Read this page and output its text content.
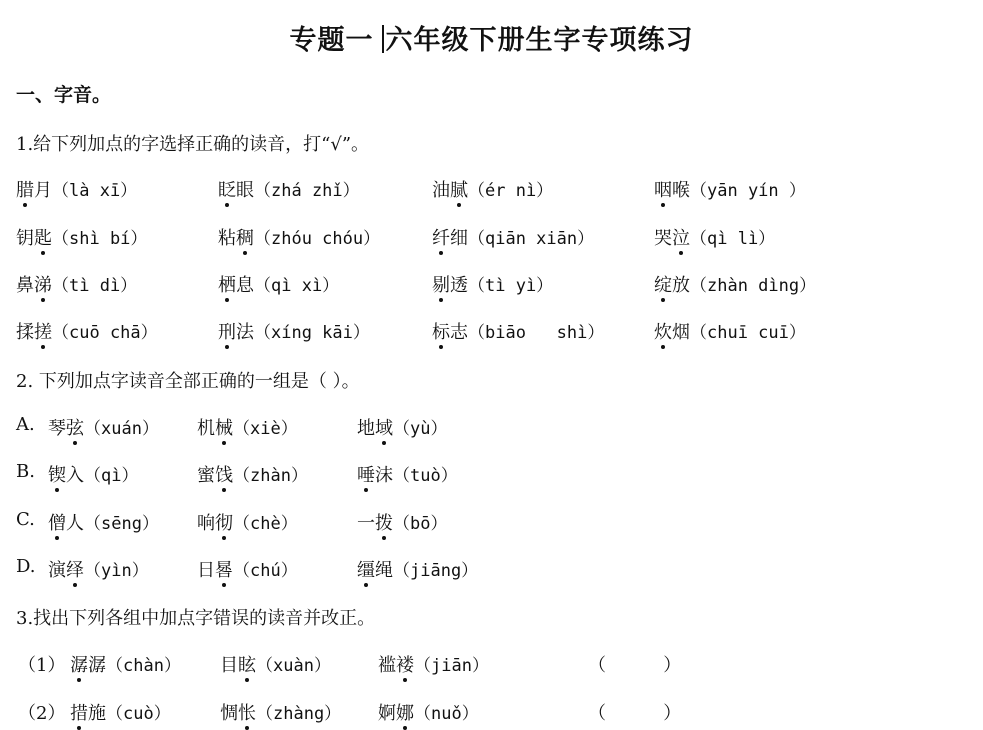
专题一 六年级下册生字专项练习
一、字音。
1.给下列加点的字选择正确的读音，打“√”。
腊月（là xī）	眨眼（zhá zhǐ）	油腻（ér nì）	咽喉（yān yín ）
钥匙（shì bí）	粘稠（zhóu chóu）	纤细（qiān xiān）	哭泣（qì lì）
鼻涕（tì dì）	栖息（qì xì）	剔透（tì yì）	绽放（zhàn dìng）
揉搓（cuō chā）	刑法（xíng kāi）	标志（biāo   shì）	炊烟（chuī cuī）
2. 下列加点字读音全部正确的一组是（ ）。
A. 琴弦（xuán） 机械（xiè）	地域（yù）
B. 锲入（qì）	蜜饯（zhàn）	唾沫（tuò）
C. 僧人（sēng） 响彻（chè）	一拨（bō）
D. 演绎（yìn）	日晷（chú）	缰绳（jiāng）
3.找出下列各组中加点字错误的读音并改正。
（1） 潺潺（chàn） 目眩（xuàn）	褴褛（jiān）	（          ）
（2） 措施（cuò）	惆怅（zhàng） 婀娜（nuǒ）	（          ）
